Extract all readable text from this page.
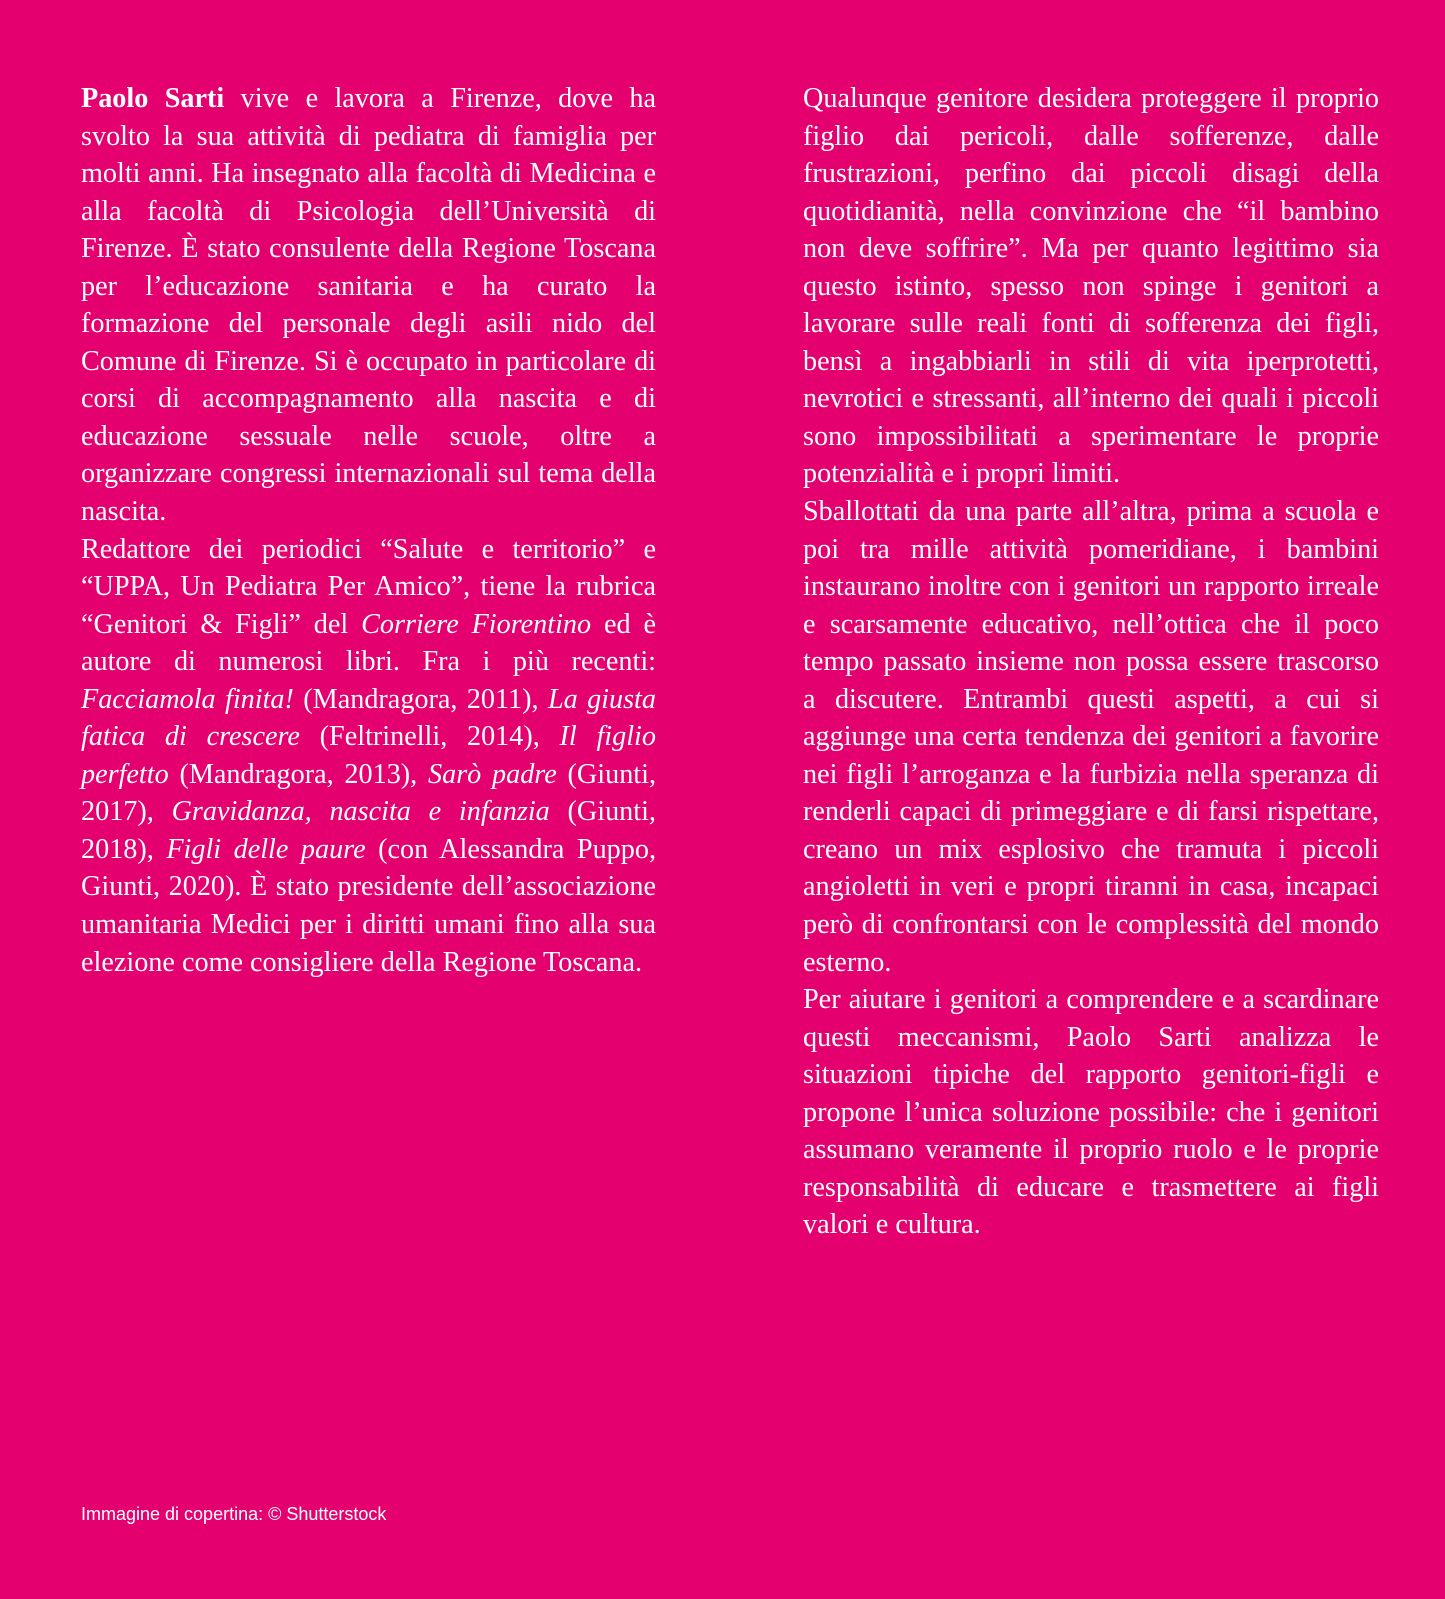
Paolo Sarti vive e lavora a Firenze, dove ha svolto la sua attività di pediatra di famiglia per molti anni. Ha insegnato alla facoltà di Medicina e alla facoltà di Psicologia dell’Università di Firenze. È stato consulente della Regione Toscana per l’educazione sanitaria e ha curato la formazione del personale degli asili nido del Comune di Firenze. Si è occupato in particolare di corsi di accompagnamento alla nascita e di educazione sessuale nelle scuole, oltre a organizzare congressi internazionali sul tema della nascita.

Redattore dei periodici “Salute e territorio” e “UPPA, Un Pediatra Per Amico”, tiene la rubrica “Genitori & Figli” del Corriere Fiorentino ed è autore di numerosi libri. Fra i più recenti: Facciamola finita! (Mandragora, 2011), La giusta fatica di crescere (Feltrinelli, 2014), Il figlio perfetto (Mandragora, 2013), Sarò padre (Giunti, 2017), Gravidanza, nascita e infanzia (Giunti, 2018), Figli delle paure (con Alessandra Puppo, Giunti, 2020). È stato presidente dell’associazione umanitaria Medici per i diritti umani fino alla sua elezione come consigliere della Regione Toscana.

Qualunque genitore desidera proteggere il proprio figlio dai pericoli, dalle sofferenze, dalle frustrazioni, perfino dai piccoli disagi della quotidianità, nella convinzione che “il bambino non deve soffrire”. Ma per quanto legittimo sia questo istinto, spesso non spinge i genitori a lavorare sulle reali fonti di sofferenza dei figli, bensì a ingabbiarli in stili di vita iperprotetti, nevrotici e stressanti, all’interno dei quali i piccoli sono impossibilitati a sperimentare le proprie potenzialità e i propri limiti.

Sballottati da una parte all’altra, prima a scuola e poi tra mille attività pomeridiane, i bambini instaurano inoltre con i genitori un rapporto irreale e scarsamente educativo, nell’ottica che il poco tempo passato insieme non possa essere trascorso a discutere. Entrambi questi aspetti, a cui si aggiunge una certa tendenza dei genitori a favorire nei figli l’arroganza e la furbizia nella speranza di renderli capaci di primeggiare e di farsi rispettare, creano un mix esplosivo che tramuta i piccoli angioletti in veri e propri tiranni in casa, incapaci però di confrontarsi con le complessità del mondo esterno.

Per aiutare i genitori a comprendere e a scardinare questi meccanismi, Paolo Sarti analizza le situazioni tipiche del rapporto genitori-figli e propone l’unica soluzione possibile: che i genitori assumano veramente il proprio ruolo e le proprie responsabilità di educare e trasmettere ai figli valori e cultura.

Immagine di copertina: © Shutterstock
